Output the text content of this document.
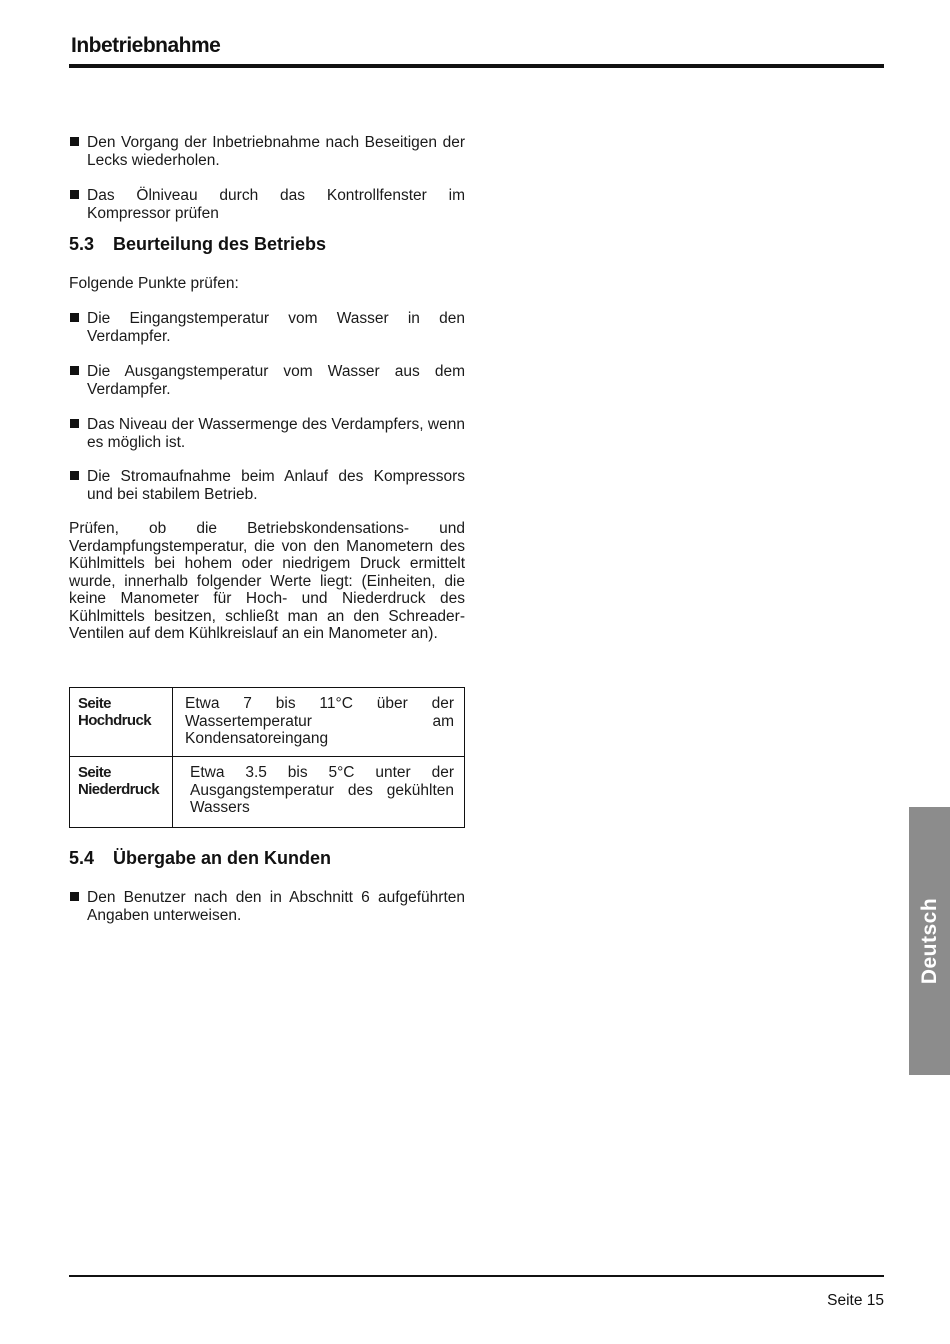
Inbetriebnahme
Den Vorgang der Inbetriebnahme nach Beseitigen der Lecks wiederholen.
Das Ölniveau durch das Kontrollfenster im Kompressor prüfen
5.3 Beurteilung des Betriebs
Folgende Punkte prüfen:
Die Eingangstemperatur vom Wasser in den Verdampfer.
Die Ausgangstemperatur vom Wasser aus dem Verdampfer.
Das Niveau der Wassermenge des Verdampfers, wenn es möglich ist.
Die Stromaufnahme beim Anlauf des Kompressors und bei stabilem Betrieb.
Prüfen, ob die Betriebskondensations- und Verdampfungstemperatur, die von den Manometern des Kühlmittels bei hohem oder niedrigem Druck ermittelt wurde, innerhalb folgender Werte liegt: (Einheiten, die keine Manometer für Hoch- und Niederdruck des Kühlmittels besitzen, schließt man an den Schreader-Ventilen auf dem Kühlkreislauf an ein Manometer an).
Seite
Hochdruck	Etwa 7 bis 11°C über der Wassertemperatur am Kondensatoreingang
Seite
Niederdruck	Etwa 3.5 bis 5°C unter der Ausgangstemperatur des gekühlten Wassers
5.4 Übergabe an den Kunden
Den Benutzer nach den in Abschnitt 6 aufgeführten Angaben unterweisen.	Deutsch
Seite 15
